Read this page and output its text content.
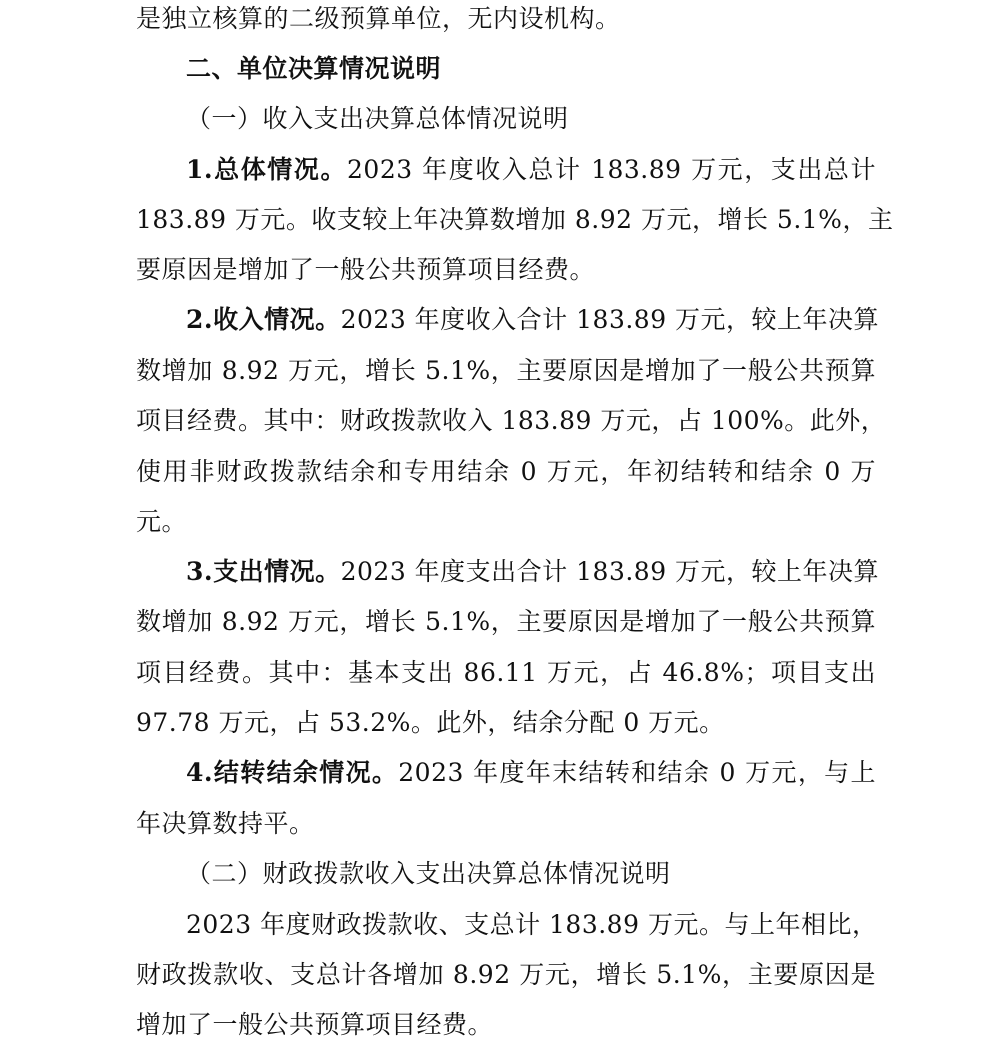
是独立核算的二级预算单位，无内设机构。
二、单位决算情况说明
（一）收入支出决算总体情况说明
1.总体情况。2023 年度收入总计 183.89 万元，支出总计
183.89 万元。收支较上年决算数增加 8.92 万元，增长 5.1%，主
要原因是增加了一般公共预算项目经费。
2.收入情况。2023 年度收入合计 183.89 万元，较上年决算
数增加 8.92 万元，增长 5.1%，主要原因是增加了一般公共预算
项目经费。其中：财政拨款收入 183.89 万元，占 100%。此外，
使用非财政拨款结余和专用结余 0 万元，年初结转和结余 0 万
元。
3.支出情况。2023 年度支出合计 183.89 万元，较上年决算
数增加 8.92 万元，增长 5.1%，主要原因是增加了一般公共预算
项目经费。其中：基本支出 86.11 万元，占 46.8%；项目支出
97.78 万元，占 53.2%。此外，结余分配 0 万元。
4.结转结余情况。2023 年度年末结转和结余 0 万元，与上
年决算数持平。
（二）财政拨款收入支出决算总体情况说明
2023 年度财政拨款收、支总计 183.89 万元。与上年相比，
财政拨款收、支总计各增加 8.92 万元，增长 5.1%，主要原因是
增加了一般公共预算项目经费。
